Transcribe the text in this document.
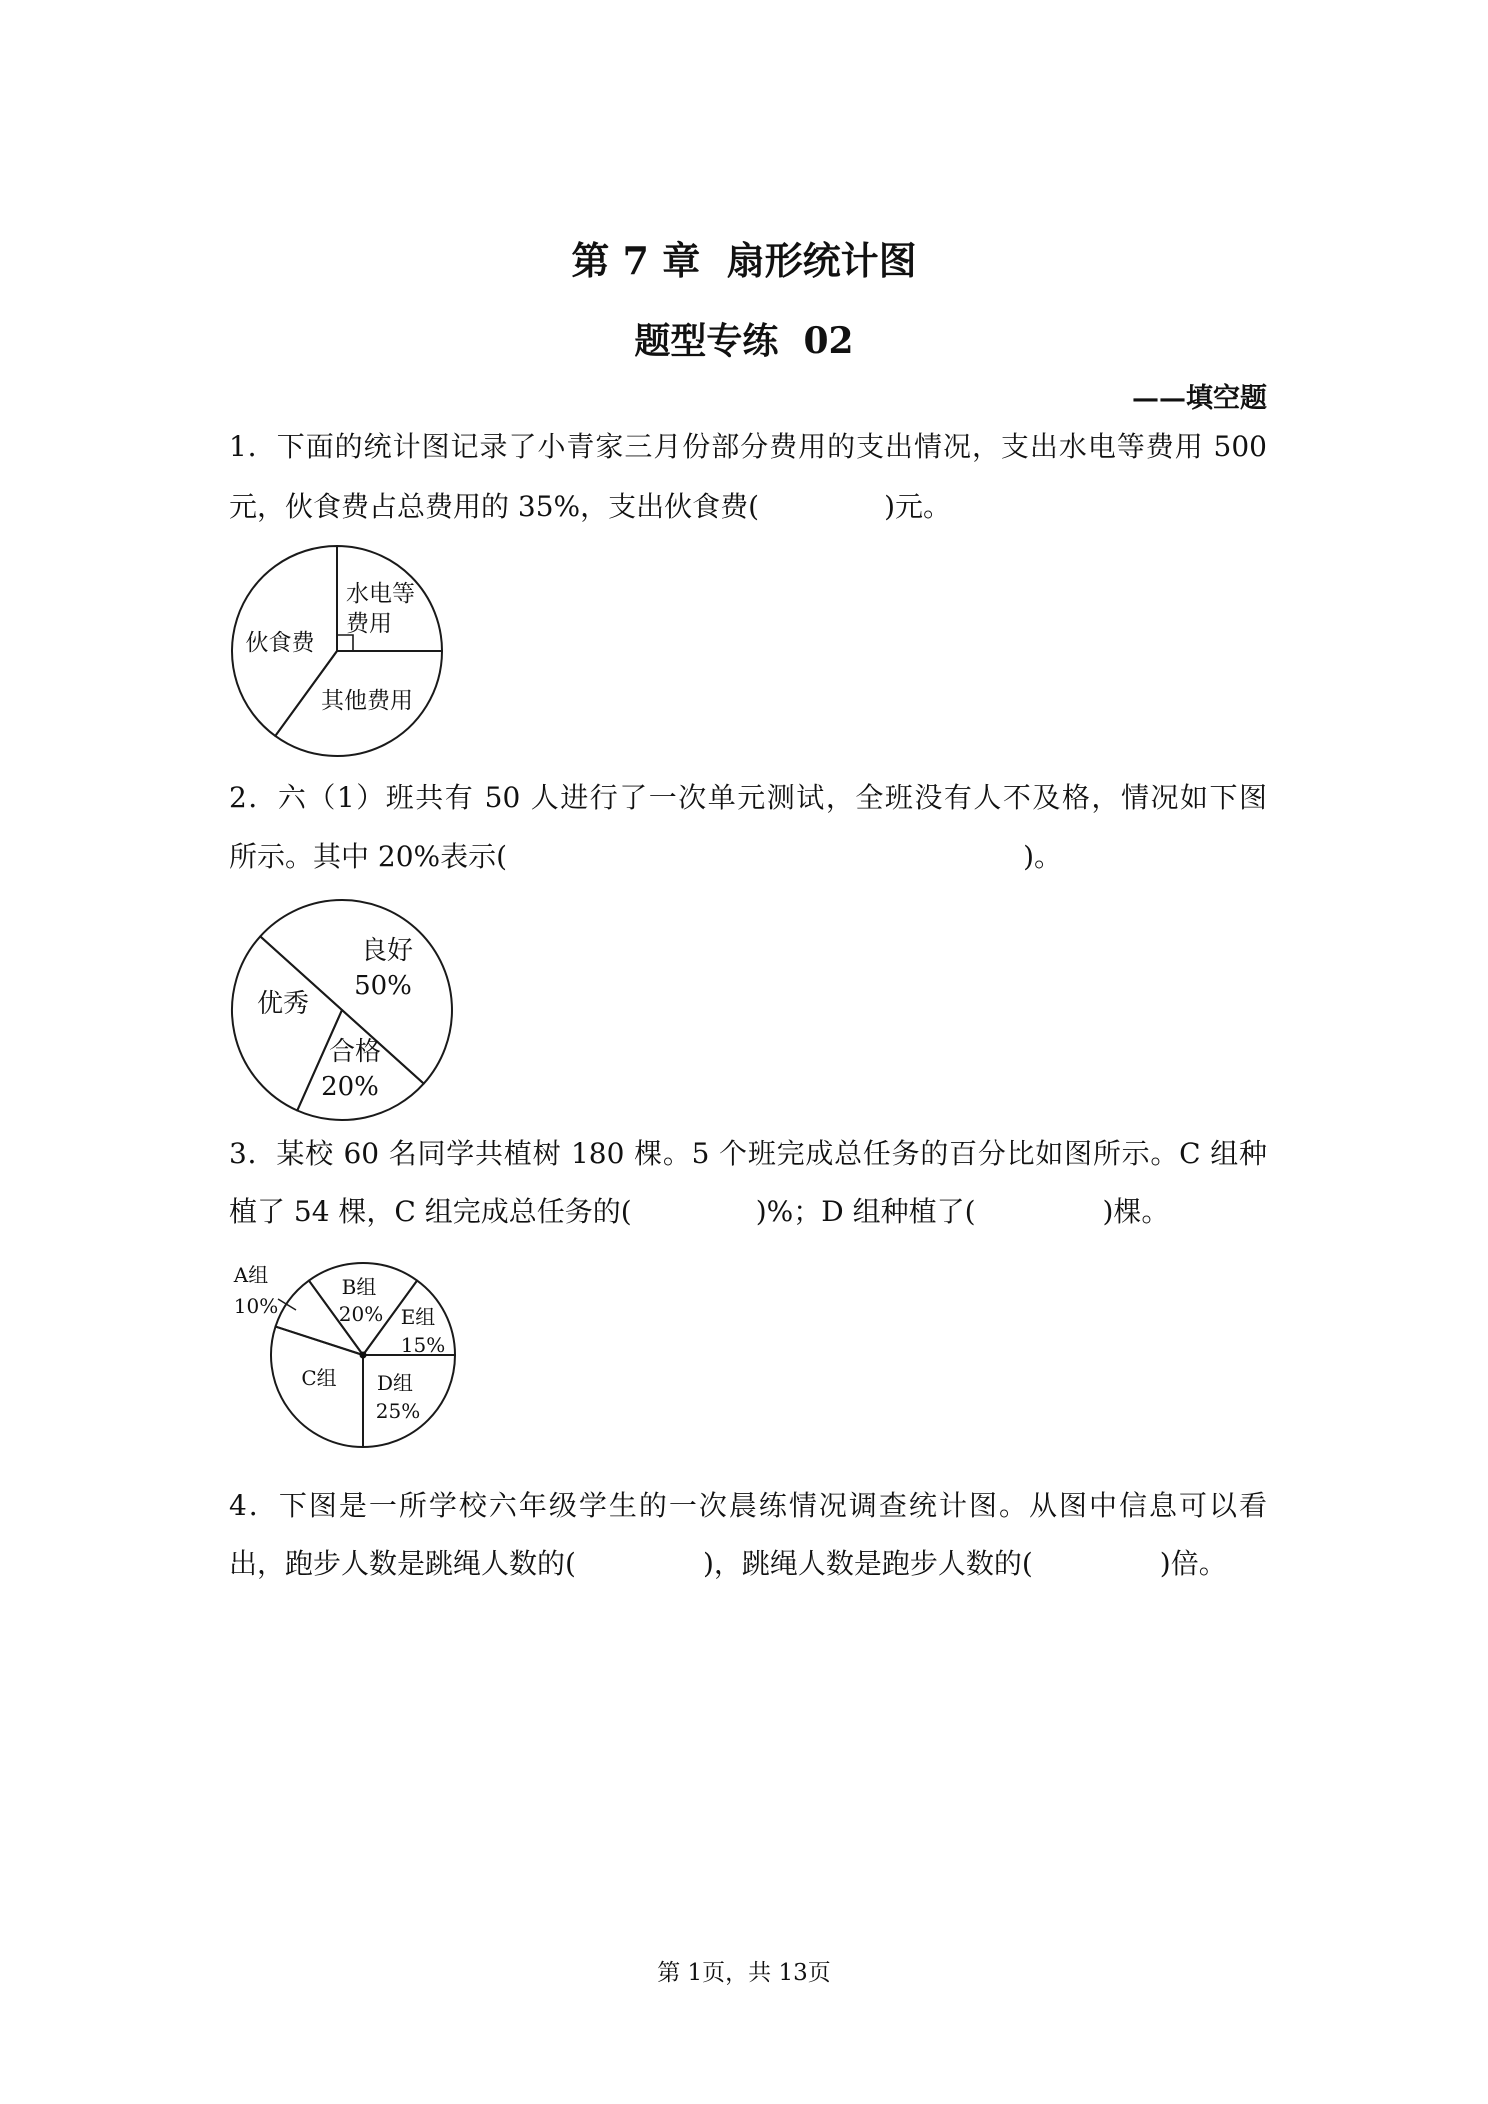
第 7 章  扇形统计图
题型专练  02
——填空题
1．下面的统计图记录了小青家三月份部分费用的支出情况，支出水电等费用 500
元，伙食费占总费用的 35%，支出伙食费(	)元。
水电等
费用
伙食费
其他费用
2．六（1）班共有 50 人进行了一次单元测试，全班没有人不及格，情况如下图
所示。其中 20%表示(	)。
良好
50%
优秀
合格
20%
3．某校 60 名同学共植树 180 棵。5 个班完成总任务的百分比如图所示。C 组种
植了 54 棵，C 组完成总任务的(	)%；D 组种植了(	)棵。
E组
15%
B组
20%
A组
10%
C组 D组
25%
4．下图是一所学校六年级学生的一次晨练情况调查统计图。从图中信息可以看
出，跑步人数是跳绳人数的(	)，跳绳人数是跑步人数的(	)倍。
第 1页，共 13页
